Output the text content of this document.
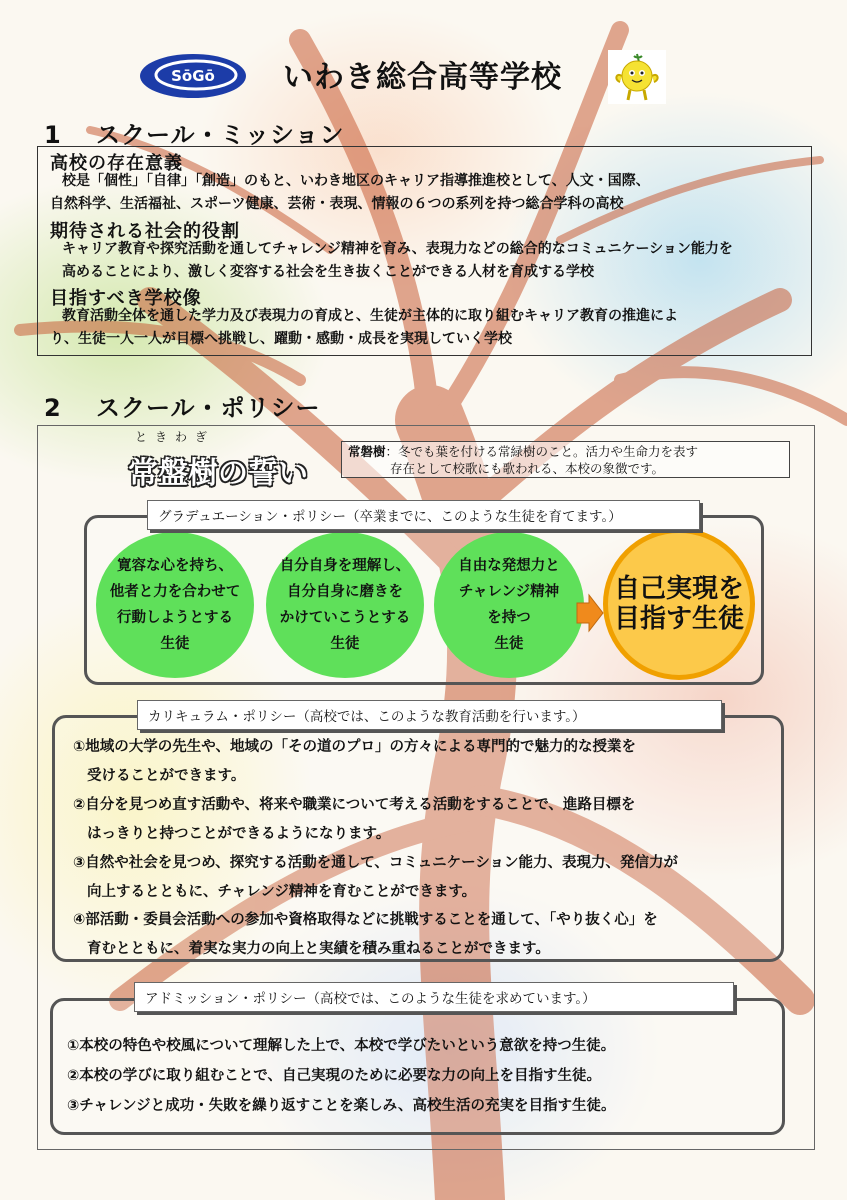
SōGō いわき総合高等学校
1 スクール・ミッション
高校の存在意義
校是「個性」「自律」「創造」のもと、いわき地区のキャリア指導推進校として、人文・国際、
自然科学、生活福祉、スポーツ健康、芸術・表現、情報の６つの系列を持つ総合学科の高校
期待される社会的役割
キャリア教育や探究活動を通してチャレンジ精神を育み、表現力などの総合的なコミュニケーション能力を
高めることにより、激しく変容する社会を生き抜くことができる人材を育成する学校
目指すべき学校像
教育活動全体を通した学力及び表現力の育成と、生徒が主体的に取り組むキャリア教育の推進によ
り、生徒一人一人が目標へ挑戦し、躍動・感動・成長を実現していく学校
2 スクール・ポリシー
ときわぎ
常盤樹の誓い
常磐樹：冬でも葉を付ける常緑樹のこと。活力や生命力を表す
存在として校歌にも歌われる、本校の象徴です。
グラデュエーション・ポリシー（卒業までに、このような生徒を育てます。）
寛容な心を持ち、
他者と力を合わせて
行動しようとする
生徒
自分自身を理解し、
自分自身に磨きを
かけていこうとする
生徒
自由な発想力と
チャレンジ精神
を持つ
生徒
自己実現を
目指す生徒
①地域の大学の先生や、地域の「その道のプロ」の方々による専門的で魅力的な授業を
受けることができます。
②自分を見つめ直す活動や、将来や職業について考える活動をすることで、進路目標を
はっきりと持つことができるようになります。
③自然や社会を見つめ、探究する活動を通して、コミュニケーション能力、表現力、発信力が
向上するとともに、チャレンジ精神を育むことができます。
④部活動・委員会活動への参加や資格取得などに挑戦することを通して、「やり抜く心」を
育むとともに、着実な実力の向上と実績を積み重ねることができます。
カリキュラム・ポリシー（高校では、このような教育活動を行います。）
①本校の特色や校風について理解した上で、本校で学びたいという意欲を持つ生徒。
②本校の学びに取り組むことで、自己実現のために必要な力の向上を目指す生徒。
③チャレンジと成功・失敗を繰り返すことを楽しみ、高校生活の充実を目指す生徒。
アドミッション・ポリシー（高校では、このような生徒を求めています。）
